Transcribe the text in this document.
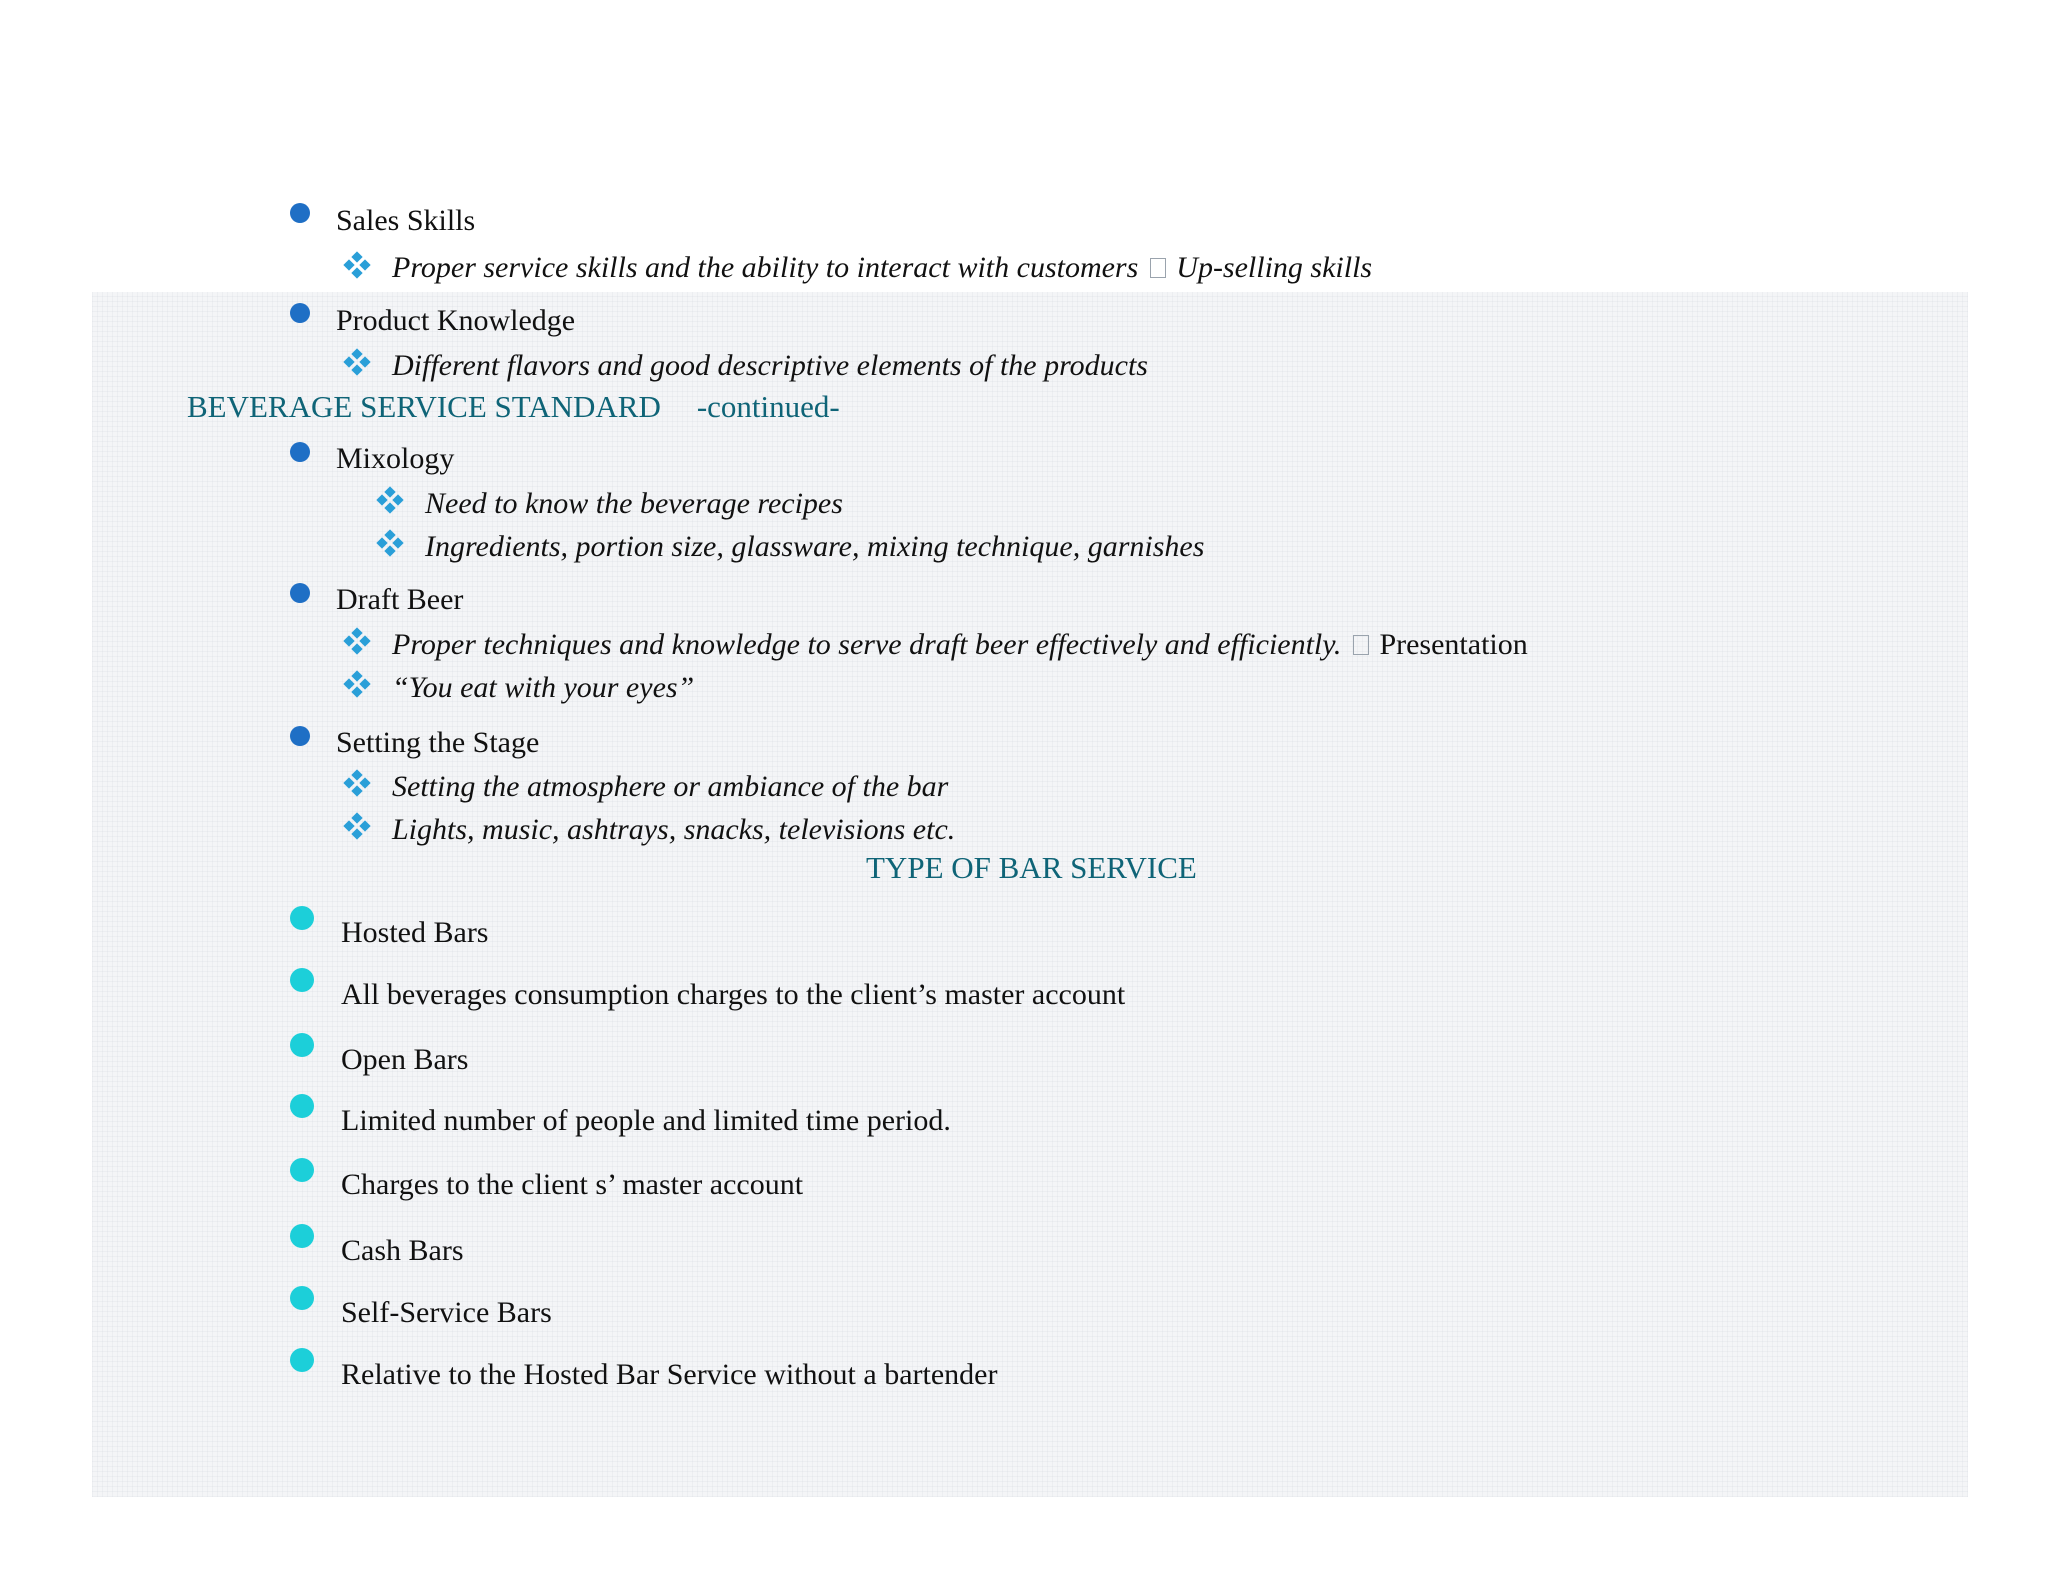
Sales Skills
Proper service skills and the ability to interact with customers Up-selling skills
Product Knowledge
Different flavors and good descriptive elements of the products
BEVERAGE SERVICE STANDARD -continued-
Mixology
Need to know the beverage recipes
Ingredients, portion size, glassware, mixing technique, garnishes
Draft Beer
Proper techniques and knowledge to serve draft beer effectively and efficiently. Presentation
“You eat with your eyes”
Setting the Stage
Setting the atmosphere or ambiance of the bar
Lights, music, ashtrays, snacks, televisions etc.
TYPE OF BAR SERVICE
Hosted Bars
All beverages consumption charges to the client’s master account
Open Bars
Limited number of people and limited time period.
Charges to the client s’ master account
Cash Bars
Self-Service Bars
Relative to the Hosted Bar Service without a bartender
